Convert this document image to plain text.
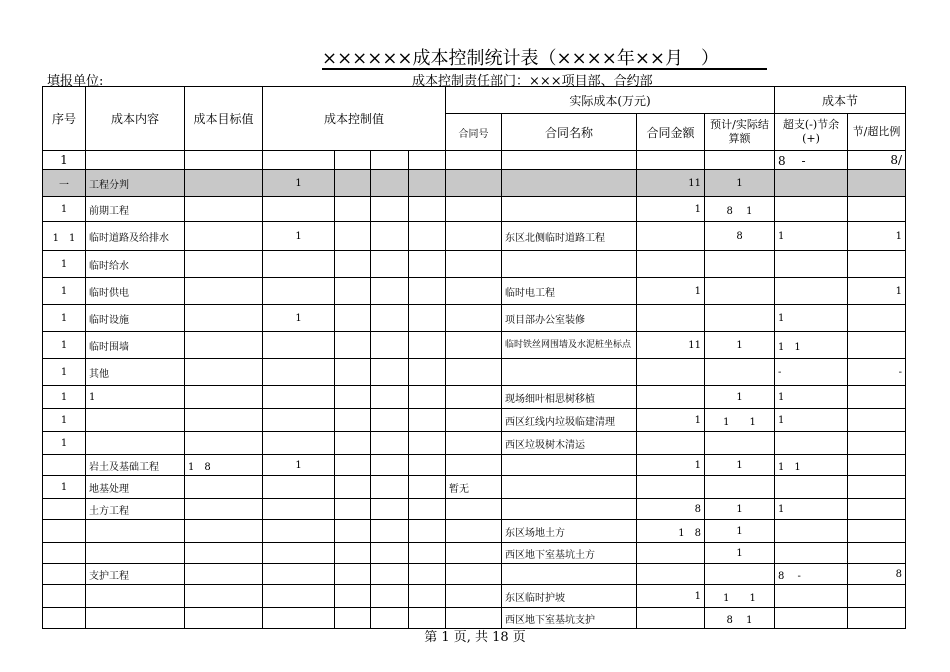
××××××成本控制统计表（××××年××月　）
填报单位:	成本控制责任部门：×××项目部、合约部
序号	成本内容	成本目标值	成本控制值				实际成本(万元)				成本节	
							合同号	合同名称	合同金额	预计/实际结算额	超支(-)节余(+)	节/超比例
1											8　 -	8/
一	工程分判		1						11	1		
1	前期工程								1	8　 1		
1　1	临时道路及给排水		1					东区北侧临时道路工程		8	1	1
1	临时给水											
1	临时供电							临时电工程	1			1
1	临时设施		1					项目部办公室装修			1	
1	临时围墙							临时铁丝网围墙及水泥桩坐标点	11	1	1　1	
1	其他										-	-
1	1							现场细叶相思树移植		1	1	
1								西区红线内垃圾临建清理	1	1　　1	1	
1								西区垃圾树木清运				
	岩土及基础工程	1　8	1						1	1	1　1	
1	地基处理						暂无					
	土方工程								8	1	1	
								东区场地土方	1　8	1		
								西区地下室基坑土方		1		
	支护工程										8　 -	8
								东区临时护坡	1	1　　1		
								西区地下室基坑支护		8　 1		
第 1 页, 共 18 页
